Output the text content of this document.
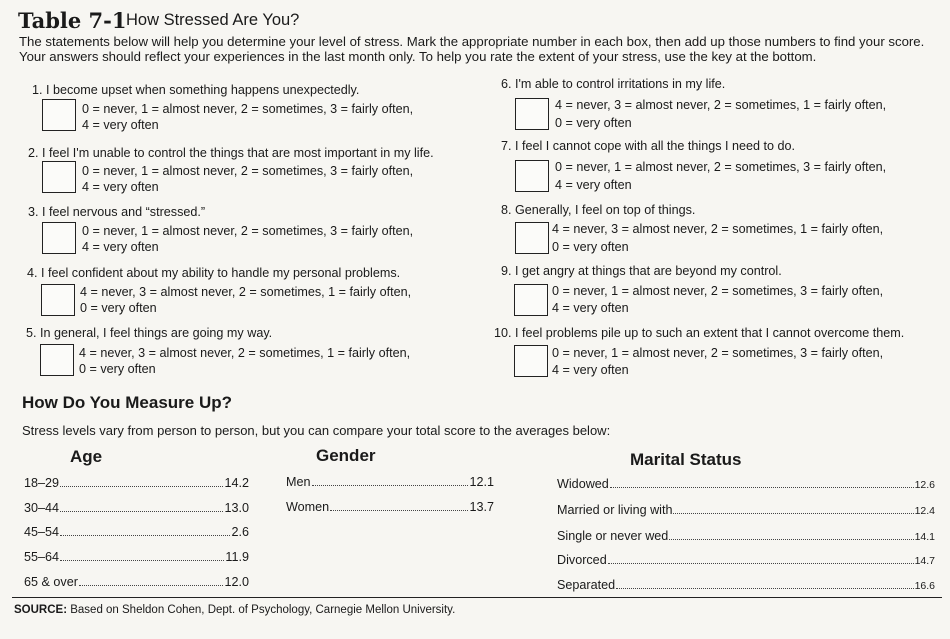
Table 7-1 How Stressed Are You?
The statements below will help you determine your level of stress. Mark the appropriate number in each box, then add up those numbers to find your score.
Your answers should reflect your experiences in the last month only. To help you rate the extent of your stress, use the key at the bottom.
1. I become upset when something happens unexpectedly.
0 = never, 1 = almost never, 2 = sometimes, 3 = fairly often,
4 = very often
2. I feel I'm unable to control the things that are most important in my life.
0 = never, 1 = almost never, 2 = sometimes, 3 = fairly often,
4 = very often
3. I feel nervous and “stressed.”
0 = never, 1 = almost never, 2 = sometimes, 3 = fairly often,
4 = very often
4. I feel confident about my ability to handle my personal problems.
4 = never, 3 = almost never, 2 = sometimes, 1 = fairly often,
0 = very often
5. In general, I feel things are going my way.
4 = never, 3 = almost never, 2 = sometimes, 1 = fairly often,
0 = very often
6. I'm able to control irritations in my life.
4 = never, 3 = almost never, 2 = sometimes, 1 = fairly often,
0 = very often
7. I feel I cannot cope with all the things I need to do.
0 = never, 1 = almost never, 2 = sometimes, 3 = fairly often,
4 = very often
8. Generally, I feel on top of things.
4 = never, 3 = almost never, 2 = sometimes, 1 = fairly often,
0 = very often
9. I get angry at things that are beyond my control.
0 = never, 1 = almost never, 2 = sometimes, 3 = fairly often,
4 = very often
10. I feel problems pile up to such an extent that I cannot overcome them.
0 = never, 1 = almost never, 2 = sometimes, 3 = fairly often,
4 = very often
How Do You Measure Up?
Stress levels vary from person to person, but you can compare your total score to the averages below:
Age	Gender	Marital Status
18–29	14.2
30–44	13.0
45–54	2.6
55–64	11.9
65 & over	12.0
Men	12.1
Women	13.7
Widowed	12.6
Married or living with	12.4
Single or never wed	14.1
Divorced	14.7
Separated	16.6
SOURCE: Based on Sheldon Cohen, Dept. of Psychology, Carnegie Mellon University.
